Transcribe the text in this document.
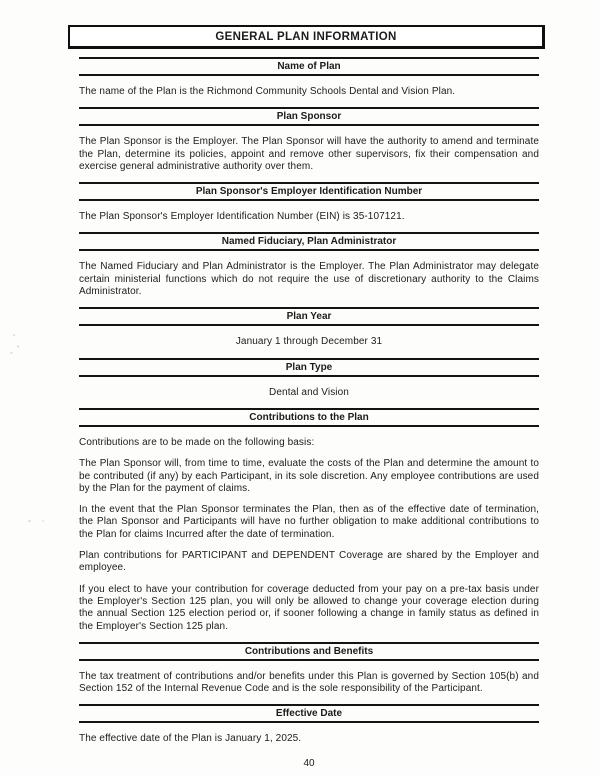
GENERAL PLAN INFORMATION
Name of Plan

The name of the Plan is the Richmond Community Schools Dental and Vision Plan.

Plan Sponsor

The Plan Sponsor is the Employer. The Plan Sponsor will have the authority to amend and terminate the Plan, determine its policies, appoint and remove other supervisors, fix their compensation and exercise general administrative authority over them.

Plan Sponsor's Employer Identification Number

The Plan Sponsor's Employer Identification Number (EIN) is 35-107121.

Named Fiduciary, Plan Administrator

The Named Fiduciary and Plan Administrator is the Employer. The Plan Administrator may delegate certain ministerial functions which do not require the use of discretionary authority to the Claims Administrator.

Plan Year

January 1 through December 31

Plan Type

Dental and Vision

Contributions to the Plan

Contributions are to be made on the following basis:

The Plan Sponsor will, from time to time, evaluate the costs of the Plan and determine the amount to be contributed (if any) by each Participant, in its sole discretion. Any employee contributions are used by the Plan for the payment of claims.

In the event that the Plan Sponsor terminates the Plan, then as of the effective date of termination, the Plan Sponsor and Participants will have no further obligation to make additional contributions to the Plan for claims Incurred after the date of termination.

Plan contributions for PARTICIPANT and DEPENDENT Coverage are shared by the Employer and employee.

If you elect to have your contribution for coverage deducted from your pay on a pre-tax basis under the Employer's Section 125 plan, you will only be allowed to change your coverage election during the annual Section 125 election period or, if sooner following a change in family status as defined in the Employer's Section 125 plan.

Contributions and Benefits

The tax treatment of contributions and/or benefits under this Plan is governed by Section 105(b) and Section 152 of the Internal Revenue Code and is the sole responsibility of the Participant.

Effective Date

The effective date of the Plan is January 1, 2025.

40
